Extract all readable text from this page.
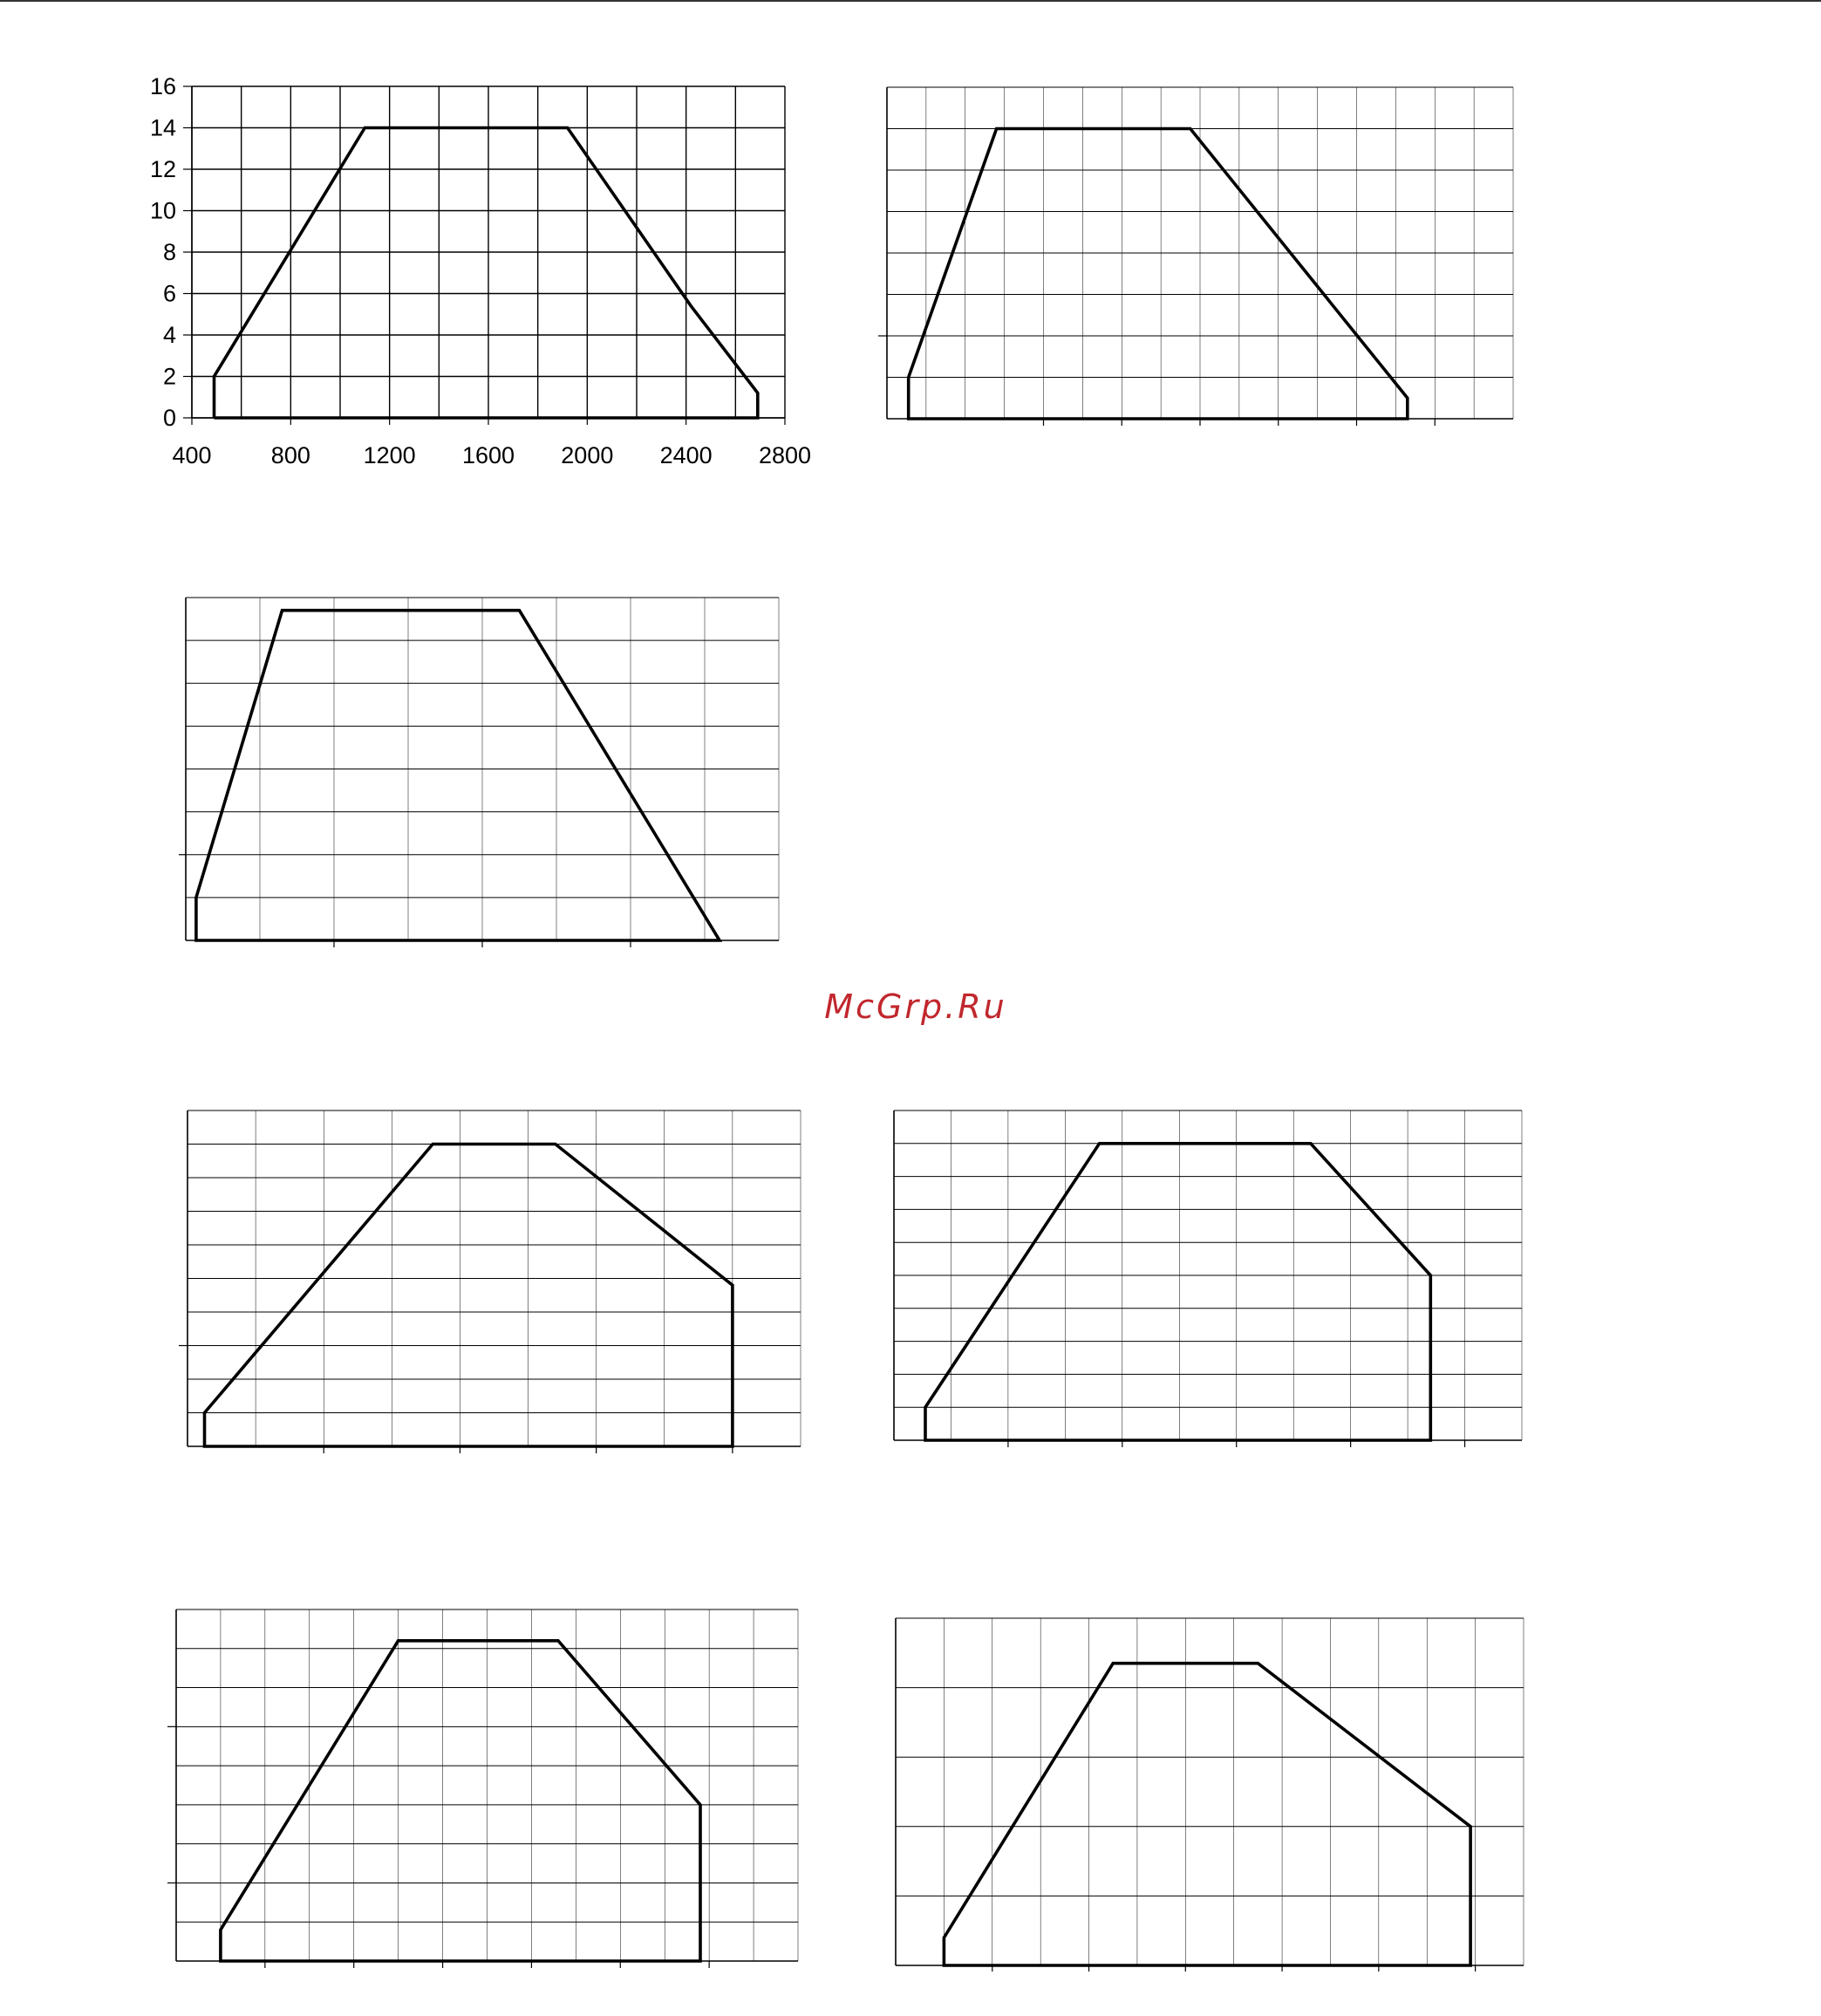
400	800 1200 1600 2000 2400 2800
0
2
4
6
8
10
12
14
16
McGrp.Ru
